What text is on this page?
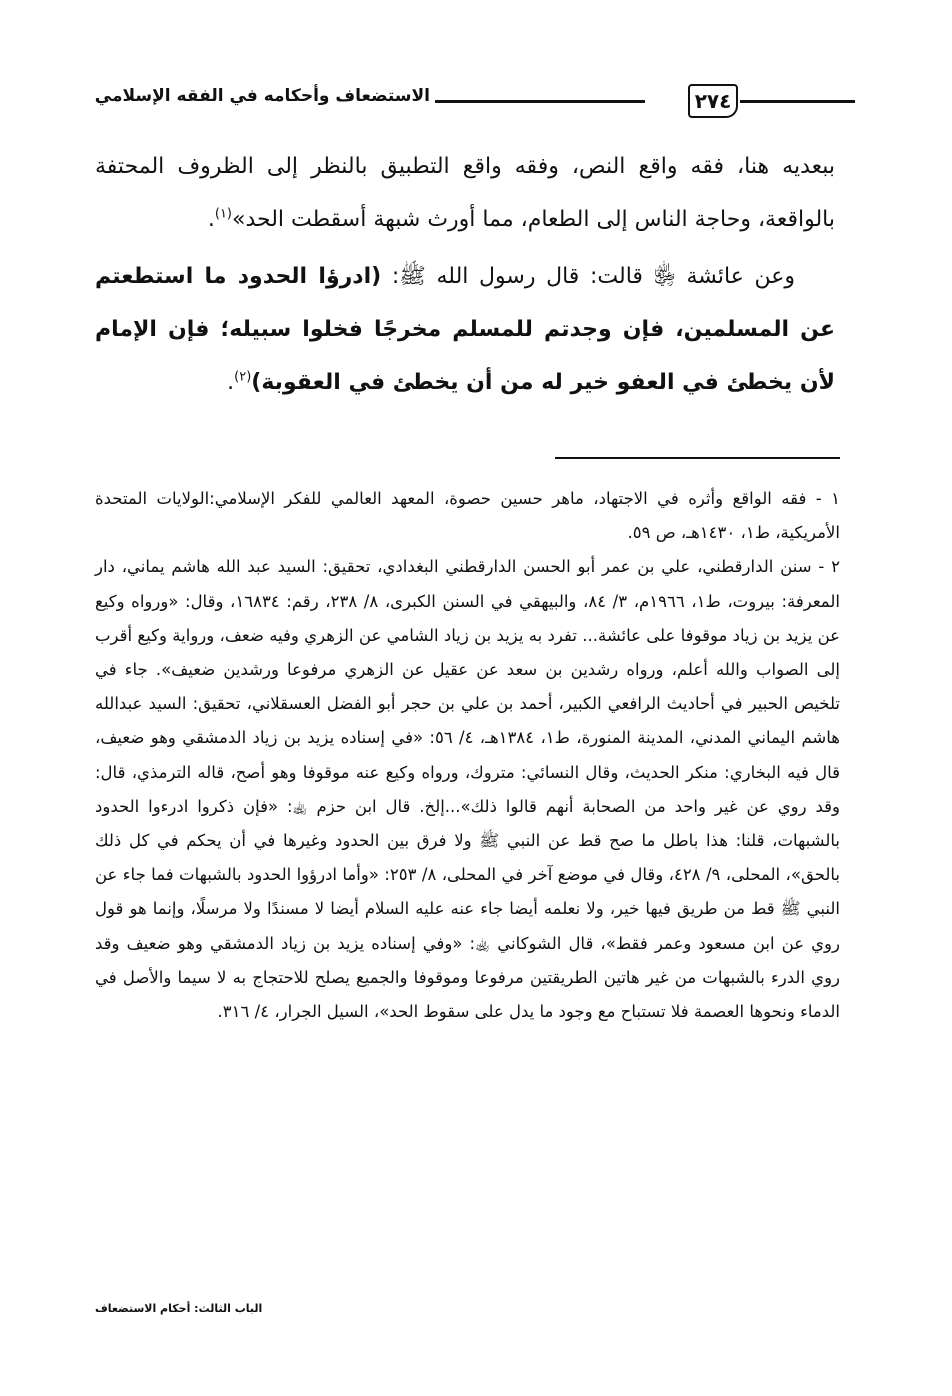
٢٧٤
الاستضعاف وأحكامه في الفقه الإسلامي

ببعديه هنا، فقه واقع النص، وفقه واقع التطبيق بالنظر إلى الظروف المحتفة بالواقعة، وحاجة الناس إلى الطعام، مما أورث شبهة أسقطت الحد»$^{(١)}$.

وعن عائشة ﵂ قالت: قال رسول الله ﷺ: (ادرؤا الحدود ما استطعتم عن المسلمين، فإن وجدتم للمسلم مخرجًا فخلوا سبيله؛ فإن الإمام لأن يخطئ في العفو خير له من أن يخطئ في العقوبة)$^{(٢)}$.

١ - فقه الواقع وأثره في الاجتهاد، ماهر حسين حصوة، المعهد العالمي للفكر الإسلامي:الولايات المتحدة الأمريكية، ط١، ١٤٣٠هـ، ص ٥٩.

٢ - سنن الدارقطني، علي بن عمر أبو الحسن الدارقطني البغدادي، تحقيق: السيد عبد الله هاشم يماني، دار المعرفة: بيروت، ط١، ١٩٦٦م، ٣/ ٨٤، والبيهقي في السنن الكبرى، ٨/ ٢٣٨، رقم: ١٦٨٣٤، وقال: «ورواه وكيع عن يزيد بن زياد موقوفا على عائشة... تفرد به يزيد بن زياد الشامي عن الزهري وفيه ضعف، ورواية وكيع أقرب إلى الصواب والله أعلم، ورواه رشدين بن سعد عن عقيل عن الزهري مرفوعا ورشدين ضعيف». جاء في تلخيص الحبير في أحاديث الرافعي الكبير، أحمد بن علي بن حجر أبو الفضل العسقلاني، تحقيق: السيد عبدالله هاشم اليماني المدني، المدينة المنورة، ط١، ١٣٨٤هـ، ٤/ ٥٦: «في إسناده يزيد بن زياد الدمشقي وهو ضعيف، قال فيه البخاري: منكر الحديث، وقال النسائي: متروك، ورواه وكيع عنه موقوفا وهو أصح، قاله الترمذي، قال: وقد روي عن غير واحد من الصحابة أنهم قالوا ذلك»...إلخ. قال ابن حزم ﵀: «فإن ذكروا ادرءوا الحدود بالشبهات، قلنا: هذا باطل ما صح قط عن النبي ﷺ ولا فرق بين الحدود وغيرها في أن يحكم في كل ذلك بالحق»، المحلى، ٩/ ٤٢٨، وقال في موضع آخر في المحلى، ٨/ ٢٥٣: «وأما ادرؤوا الحدود بالشبهات فما جاء عن النبي ﷺ قط من طريق فيها خير، ولا نعلمه أيضا جاء عنه عليه السلام أيضا لا مسندًا ولا مرسلًا، وإنما هو قول روي عن ابن مسعود وعمر فقط»، قال الشوكاني ﵀: «وفي إسناده يزيد بن زياد الدمشقي وهو ضعيف وقد روي الدرء بالشبهات من غير هاتين الطريقتين مرفوعا وموقوفا والجميع يصلح للاحتجاج به لا سيما والأصل في الدماء ونحوها العصمة فلا تستباح مع وجود ما يدل على سقوط الحد»، السيل الجرار، ٤/ ٣١٦.

الباب الثالث: أحكام الاستضعاف
